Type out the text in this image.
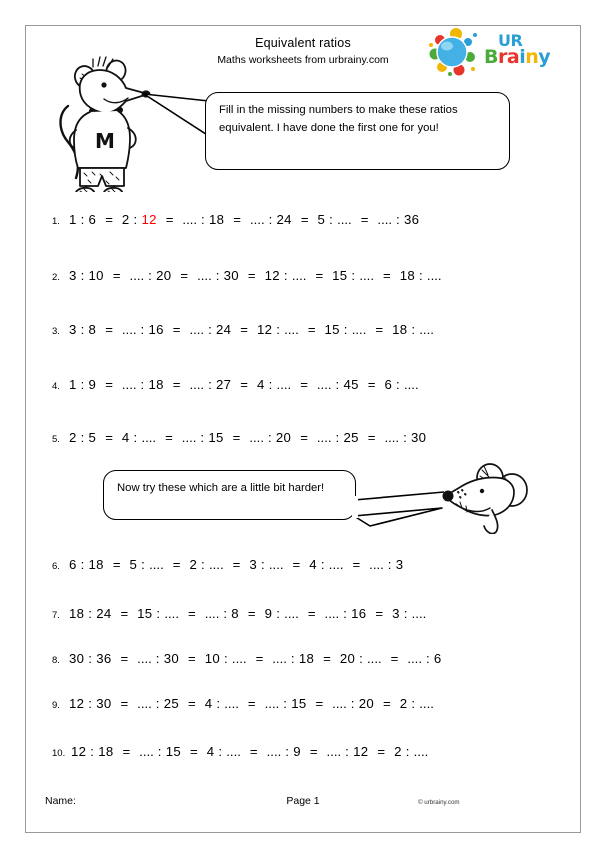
Equivalent ratios
Maths worksheets from urbrainy.com
UR
Brainy
M
Fill in the missing numbers to make these ratios equivalent. I have done the first one for you!
1. 1 : 6 = 2 : 12 = .... : 18 = .... : 24 = 5 : .... = .... : 36
2. 3 : 10 = .... : 20 = .... : 30 = 12 : .... = 15 : .... = 18 : ....
3. 3 : 8 = .... : 16 = .... : 24 = 12 : .... = 15 : .... = 18 : ....
4. 1 : 9 = .... : 18 = .... : 27 = 4 : .... = .... : 45 = 6 : ....
5. 2 : 5 = 4 : .... = .... : 15 = .... : 20 = .... : 25 = .... : 30
Now try these which are a little bit harder!
6. 6 : 18 = 5 : .... = 2 : .... = 3 : .... = 4 : .... = .... : 3
7. 18 : 24 = 15 : .... = .... : 8 = 9 : .... = .... : 16 = 3 : ....
8. 30 : 36 = .... : 30 = 10 : .... = .... : 18 = 20 : .... = .... : 6
9. 12 : 30 = .... : 25 = 4 : .... = .... : 15 = .... : 20 = 2 : ....
10. 12 : 18 = .... : 15 = 4 : .... = .... : 9 = .... : 12 = 2 : ....
Name:	Page 1	© urbrainy.com
